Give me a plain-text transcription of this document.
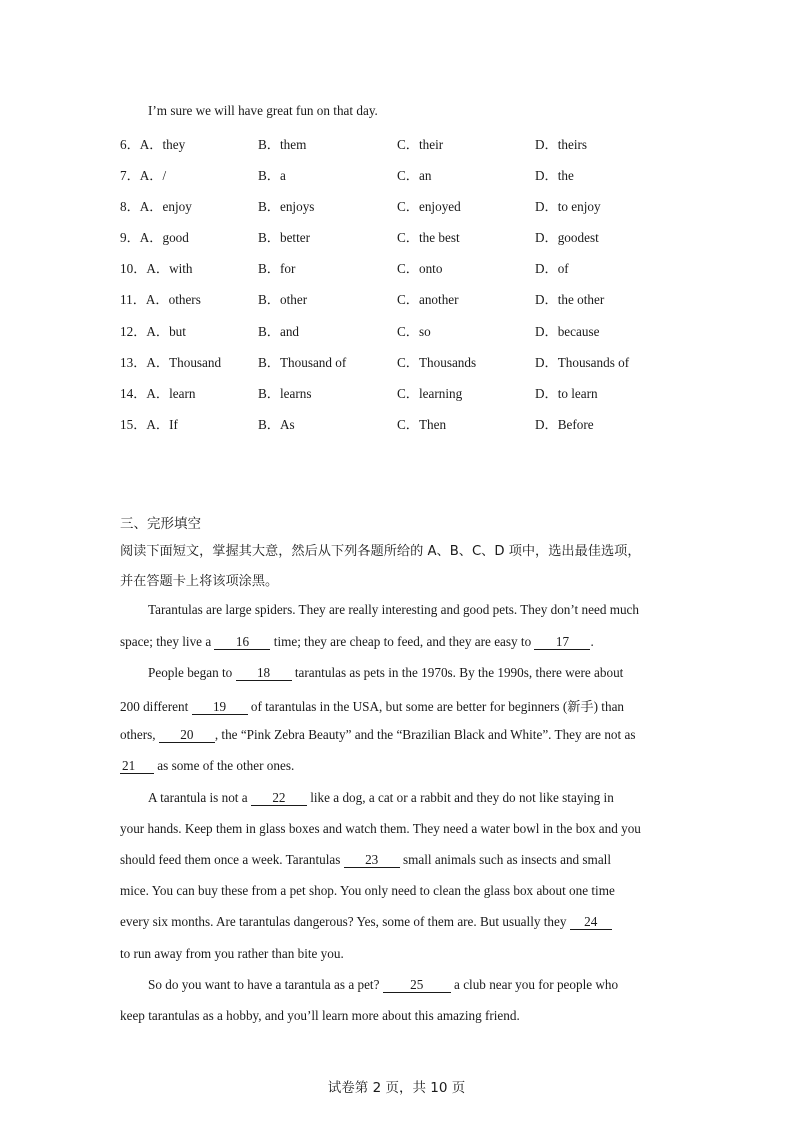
I’m sure we will have great fun on that day.
6．A．they	B．them	C．their	D．theirs
7．A．/	B．a	C．an	D．the
8．A．enjoy	B．enjoys	C．enjoyed	D．to enjoy
9．A．good	B．better	C．the best	D．goodest
10．A．with	B．for	C．onto	D．of
11．A．others	B．other	C．another	D．the other
12．A．but	B．and	C．so	D．because
13．A．Thousand	B．Thousand of	C．Thousands	D．Thousands of
14．A．learn	B．learns	C．learning	D．to learn
15．A．If	B．As	C．Then	D．Before
三、完形填空
阅读下面短文，掌握其大意，然后从下列各题所给的 A、B、C、D 项中，选出最佳选项，
并在答题卡上将该项涂黑。

Tarantulas are large spiders. They are really interesting and good pets. They don’t need much

space; they live a 16 time; they are cheap to feed, and they are easy to 17 .

People began to 18 tarantulas as pets in the 1970s. By the 1990s, there were about

200 different 19 of tarantulas in the USA, but some are better for beginners (新手) than

others, 20 , the “Pink Zebra Beauty” and the “Brazilian Black and White”. They are not as

21 as some of the other ones.

A tarantula is not a 22 like a dog, a cat or a rabbit and they do not like staying in

your hands. Keep them in glass boxes and watch them. They need a water bowl in the box and you

should feed them once a week. Tarantulas 23 small animals such as insects and small

mice. You can buy these from a pet shop. You only need to clean the glass box about one time

every six months. Are tarantulas dangerous? Yes, some of them are. But usually they 24

to run away from you rather than bite you.

So do you want to have a tarantula as a pet? 25 a club near you for people who

keep tarantulas as a hobby, and you’ll learn more about this amazing friend.

试卷第 2 页，共 10 页
